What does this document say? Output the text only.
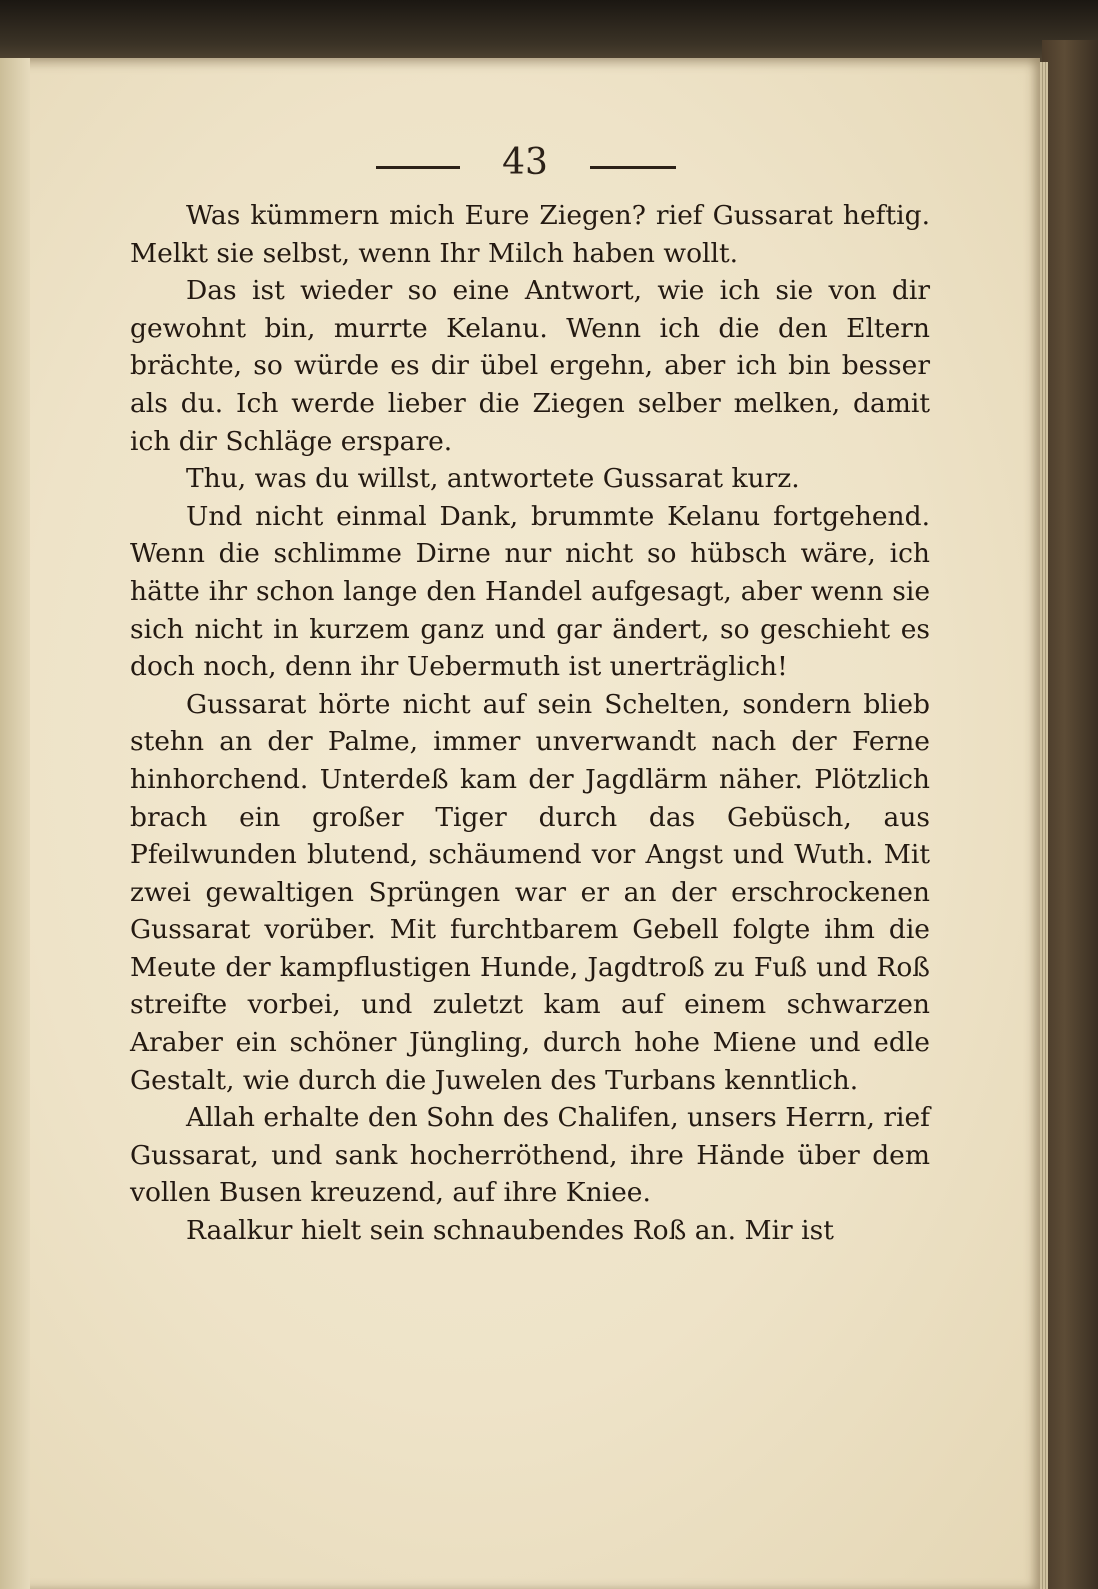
43

Was kümmern mich Eure Ziegen? rief Gussarat heftig. Melkt sie selbst, wenn Ihr Milch haben wollt.

Das ist wieder so eine Antwort, wie ich sie von dir gewohnt bin, murrte Kelanu. Wenn ich die den Eltern brächte, so würde es dir übel ergehn, aber ich bin besser als du. Ich werde lieber die Ziegen selber melken, damit ich dir Schläge erspare.

Thu, was du willst, antwortete Gussarat kurz.

Und nicht einmal Dank, brummte Kelanu fortgehend. Wenn die schlimme Dirne nur nicht so hübsch wäre, ich hätte ihr schon lange den Handel aufgesagt, aber wenn sie sich nicht in kurzem ganz und gar ändert, so geschieht es doch noch, denn ihr Uebermuth ist unerträglich!

Gussarat hörte nicht auf sein Schelten, sondern blieb stehn an der Palme, immer unverwandt nach der Ferne hinhorchend. Unterdeß kam der Jagdlärm näher. Plötzlich brach ein großer Tiger durch das Gebüsch, aus Pfeilwunden blutend, schäumend vor Angst und Wuth. Mit zwei gewaltigen Sprüngen war er an der erschrockenen Gussarat vorüber. Mit furchtbarem Gebell folgte ihm die Meute der kampflustigen Hunde, Jagdtroß zu Fuß und Roß streifte vorbei, und zuletzt kam auf einem schwarzen Araber ein schöner Jüngling, durch hohe Miene und edle Gestalt, wie durch die Juwelen des Turbans kenntlich.

Allah erhalte den Sohn des Chalifen, unsers Herrn, rief Gussarat, und sank hocherröthend, ihre Hände über dem vollen Busen kreuzend, auf ihre Kniee.

Raalkur hielt sein schnaubendes Roß an. Mir ist
